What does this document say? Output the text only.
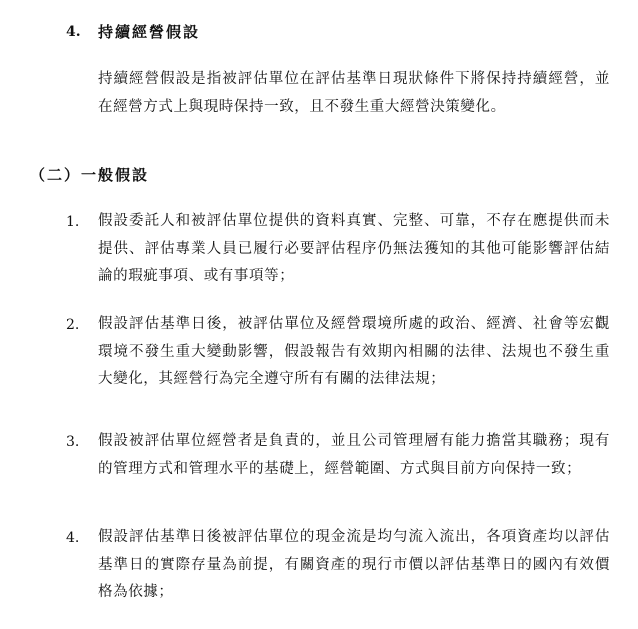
4. 持續經營假設

持續經營假設是指被評估單位在評估基準日現狀條件下將保持持續經營，並在經營方式上與現時保持一致，且不發生重大經營決策變化。

（二）一般假設
1. 假設委託人和被評估單位提供的資料真實、完整、可靠，不存在應提供而未提供、評估專業人員已履行必要評估程序仍無法獲知的其他可能影響評估結論的瑕疵事項、或有事項等；

2. 假設評估基準日後，被評估單位及經營環境所處的政治、經濟、社會等宏觀環境不發生重大變動影響，假設報告有效期內相關的法律、法規也不發生重大變化，其經營行為完全遵守所有有關的法律法規；

3. 假設被評估單位經營者是負責的，並且公司管理層有能力擔當其職務；現有的管理方式和管理水平的基礎上，經營範圍、方式與目前方向保持一致；

4. 假設評估基準日後被評估單位的現金流是均勻流入流出，各項資產均以評估基準日的實際存量為前提，有關資產的現行市價以評估基準日的國內有效價格為依據；
